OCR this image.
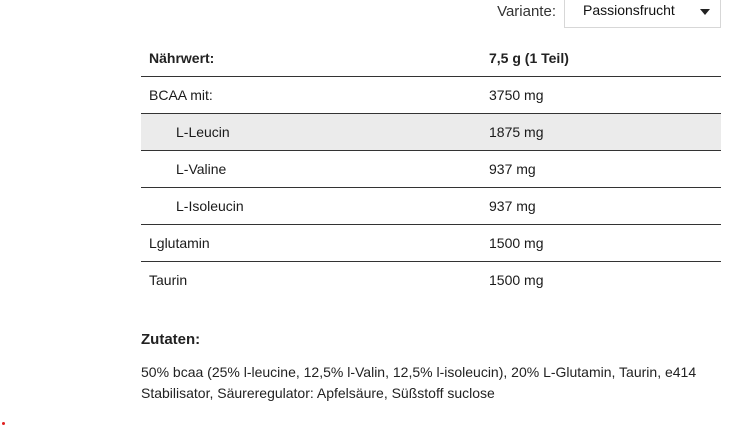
Variante: Passionsfrucht
Nährwert:	7,5 g (1 Teil)
BCAA mit:	3750 mg
L-Leucin	1875 mg
L-Valine	937 mg
L-Isoleucin	937 mg
Lglutamin	1500 mg
Taurin	1500 mg
Zutaten:
50% bcaa (25% l-leucine, 12,5% l-Valin, 12,5% l-isoleucin), 20% L-Glutamin, Taurin, e414
Stabilisator, Säureregulator: Apfelsäure, Süßstoff suclose
